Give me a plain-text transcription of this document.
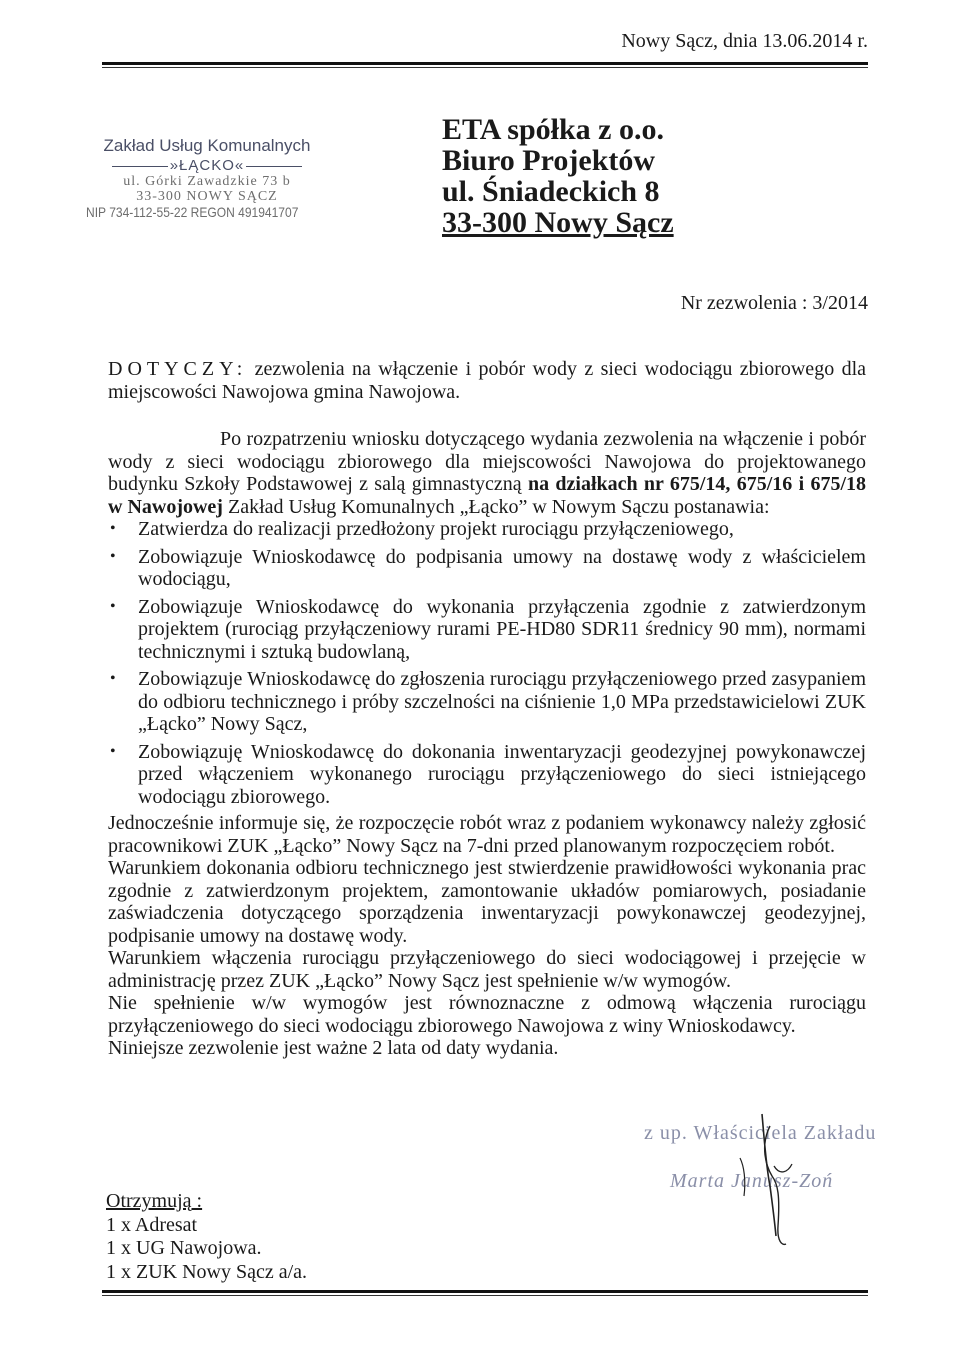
Nowy Sącz, dnia 13.06.2014 r.
Zakład Usług Komunalnych
»ŁĄCKO«
ul. Górki Zawadzkie 73 b
33-300 NOWY SĄCZ
NIP 734-112-55-22 REGON 491941707
ETA spółka z o.o.
Biuro Projektów
ul. Śniadeckich 8
33-300 Nowy Sącz
Nr zezwolenia : 3/2014
DOTYCZY: zezwolenia na włączenie i pobór wody z sieci wodociągu zbiorowego dla miejscowości Nawojowa gmina Nawojowa.

Po rozpatrzeniu wniosku dotyczącego wydania zezwolenia na włączenie i pobór wody z sieci wodociągu zbiorowego dla miejscowości Nawojowa do projektowanego budynku Szkoły Podstawowej z salą gimnastyczną na działkach nr 675/14, 675/16 i 675/18 w Nawojowej Zakład Usług Komunalnych „Łącko” w Nowym Sączu postanawia:

• Zatwierdza do realizacji przedłożony projekt rurociągu przyłączeniowego,
• Zobowiązuje Wnioskodawcę do podpisania umowy na dostawę wody z właścicielem wodociągu,
• Zobowiązuje Wnioskodawcę do wykonania przyłączenia zgodnie z zatwierdzonym projektem (rurociąg przyłączeniowy rurami PE-HD80 SDR11 średnicy 90 mm), normami technicznymi i sztuką budowlaną,
• Zobowiązuje Wnioskodawcę do zgłoszenia rurociągu przyłączeniowego przed zasypaniem do odbioru technicznego i próby szczelności na ciśnienie 1,0 MPa przedstawicielowi ZUK „Łącko” Nowy Sącz,
• Zobowiązuję Wnioskodawcę do dokonania inwentaryzacji geodezyjnej powykonawczej przed włączeniem wykonanego rurociągu przyłączeniowego do sieci istniejącego wodociągu zbiorowego.

Jednocześnie informuje się, że rozpoczęcie robót wraz z podaniem wykonawcy należy zgłosić pracownikowi ZUK „Łącko” Nowy Sącz na 7-dni przed planowanym rozpoczęciem robót.

Warunkiem dokonania odbioru technicznego jest stwierdzenie prawidłowości wykonania prac zgodnie z zatwierdzonym projektem, zamontowanie układów pomiarowych, posiadanie zaświadczenia dotyczącego sporządzenia inwentaryzacji powykonawczej geodezyjnej, podpisanie umowy na dostawę wody.

Warunkiem włączenia rurociągu przyłączeniowego do sieci wodociągowej i przejęcie w administrację przez ZUK „Łącko” Nowy Sącz jest spełnienie w/w wymogów.

Nie spełnienie w/w wymogów jest równoznaczne z odmową włączenia rurociągu przyłączeniowego do sieci wodociągu zbiorowego Nawojowa z winy Wnioskodawcy.

Niniejsze zezwolenie jest ważne 2 lata od daty wydania.

z up. Właściciela Zakładu
Marta Janusz-Zoń
Otrzymują :
1 x Adresat
1 x UG Nawojowa.
1 x ZUK Nowy Sącz a/a.
